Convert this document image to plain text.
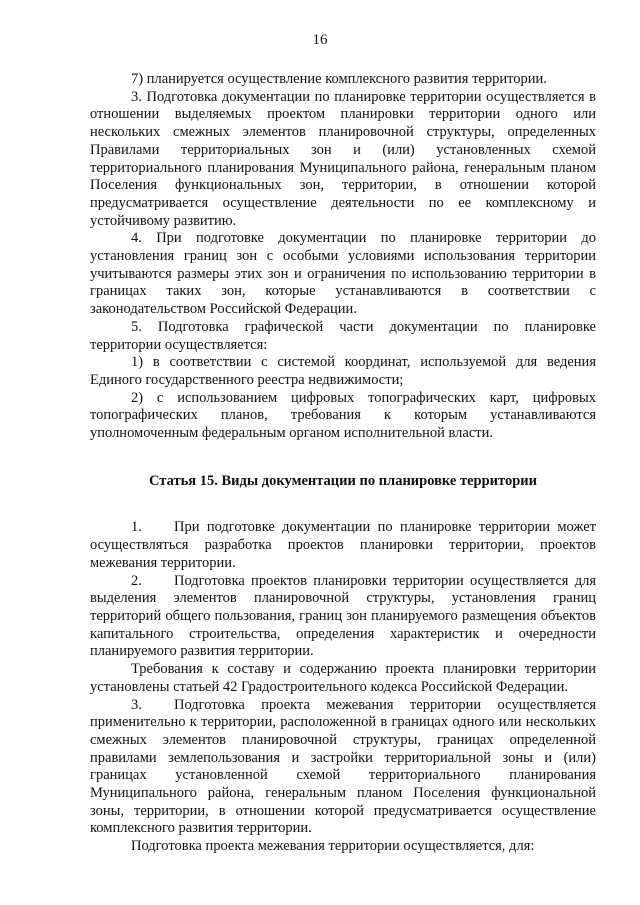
16

7) планируется осуществление комплексного развития территории.

3. Подготовка документации по планировке территории осуществляется в отношении выделяемых проектом планировки территории одного или нескольких смежных элементов планировочной структуры, определенных Правилами территориальных зон и (или) установленных схемой территориального планирования Муниципального района, генеральным планом Поселения функциональных зон, территории, в отношении которой предусматривается осуществление деятельности по ее комплексному и устойчивому развитию.

4. При подготовке документации по планировке территории до установления границ зон с особыми условиями использования территории учитываются размеры этих зон и ограничения по использованию территории в границах таких зон, которые устанавливаются в соответствии с законодательством Российской Федерации.

5. Подготовка графической части документации по планировке территории осуществляется:

1) в соответствии с системой координат, используемой для ведения Единого государственного реестра недвижимости;

2) с использованием цифровых топографических карт, цифровых топографических планов, требования к которым устанавливаются уполномоченным федеральным органом исполнительной власти.

Статья 15. Виды документации по планировке территории

1. При подготовке документации по планировке территории может осуществляться разработка проектов планировки территории, проектов межевания территории.

2. Подготовка проектов планировки территории осуществляется для выделения элементов планировочной структуры, установления границ территорий общего пользования, границ зон планируемого размещения объектов капитального строительства, определения характеристик и очередности планируемого развития территории.

Требования к составу и содержанию проекта планировки территории установлены статьей 42 Градостроительного кодекса Российской Федерации.

3. Подготовка проекта межевания территории осуществляется применительно к территории, расположенной в границах одного или нескольких смежных элементов планировочной структуры, границах определенной правилами землепользования и застройки территориальной зоны и (или) границах установленной схемой территориального планирования Муниципального района, генеральным планом Поселения функциональной зоны, территории, в отношении которой предусматривается осуществление комплексного развития территории.

Подготовка проекта межевания территории осуществляется, для:
